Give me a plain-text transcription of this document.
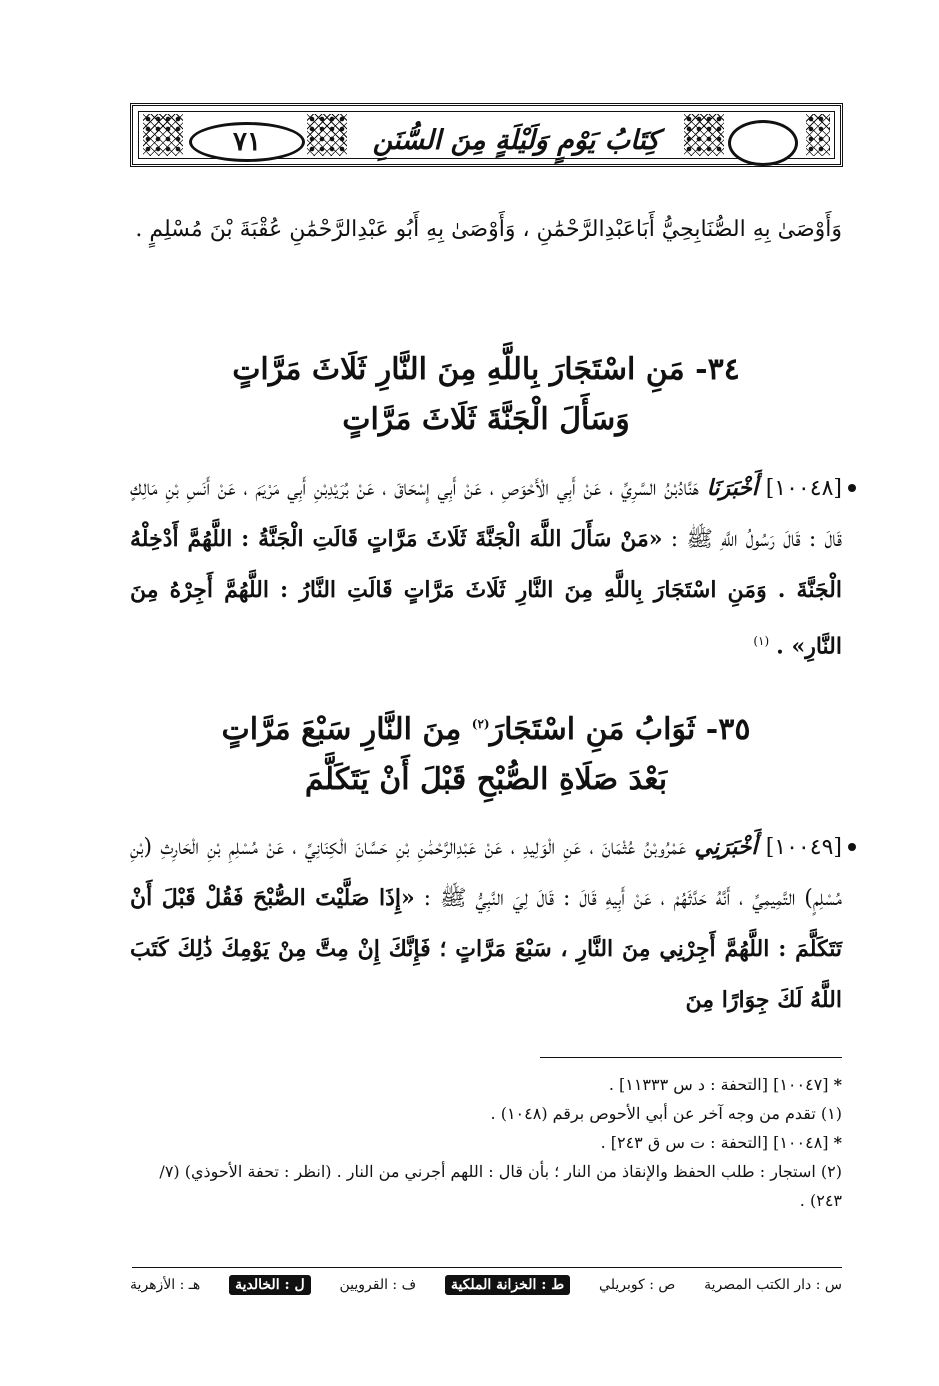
٧١	كِتَابُ يَوْمٍ وَلَيْلَةٍ مِنَ السُّنَنِ
وَأَوْصَىٰ بِهِ الصُّنَابِحِيُّ أَبَاعَبْدِالرَّحْمَٰنِ ، وَأَوْصَىٰ بِهِ أَبُو عَبْدِالرَّحْمَٰنِ عُقْبَةَ بْنَ مُسْلِمٍ .
٣٤- مَنِ اسْتَجَارَ بِاللَّهِ مِنَ النَّارِ ثَلَاثَ مَرَّاتٍ
وَسَأَلَ الْجَنَّةَ ثَلَاثَ مَرَّاتٍ
[١٠٠٤٨] أَخْبَرَنَا هَنَّادُبْنُ السَّرِيِّ ، عَنْ أَبِي الْأَحْوَصِ ، عَنْ أَبِي إِسْحَاقَ ، عَنْ بُرَيْدِبْنِ أَبِي مَرْيَمَ ، عَنْ أَنَسِ بْنِ مَالِكٍ قَالَ : قَالَ رَسُولُ اللَّهِ ﷺ : «مَنْ سَأَلَ اللَّهَ الْجَنَّةَ ثَلَاثَ مَرَّاتٍ قَالَتِ الْجَنَّةُ : اللَّهُمَّ أَدْخِلْهُ الْجَنَّةَ . وَمَنِ اسْتَجَارَ بِاللَّهِ مِنَ النَّارِ ثَلَاثَ مَرَّاتٍ قَالَتِ النَّارُ : اللَّهُمَّ أَجِرْهُ مِنَ النَّارِ» . $^{(١)}$
٣٥- ثَوَابُ مَنِ اسْتَجَارَ$^{(٢)}$ مِنَ النَّارِ سَبْعَ مَرَّاتٍ
بَعْدَ صَلَاةِ الصُّبْحِ قَبْلَ أَنْ يَتَكَلَّمَ
[١٠٠٤٩] أَخْبَرَنِي عَمْرُوبْنُ عُثْمَانَ ، عَنِ الْوَلِيدِ ، عَنْ عَبْدِالرَّحْمَٰنِ بْنِ حَسَّانَ الْكِنَانِيِّ ، عَنْ مُسْلِمِ بْنِ الْحَارِثِ (بْنِ مُسْلِمٍ) التَّمِيمِيِّ ، أَنَّهُ حَدَّثَهُمْ ، عَنْ أَبِيهِ قَالَ : قَالَ لِيَ النَّبِيُّ ﷺ : «إِذَا صَلَّيْتَ الصُّبْحَ فَقُلْ قَبْلَ أَنْ تَتَكَلَّمَ : اللَّهُمَّ أَجِرْنِي مِنَ النَّارِ ، سَبْعَ مَرَّاتٍ ؛ فَإِنَّكَ إِنْ مِتَّ مِنْ يَوْمِكَ ذَٰلِكَ كَتَبَ اللَّهُ لَكَ جِوَارًا مِنَ
* [١٠٠٤٧] [التحفة : د س ١١٣٣٣] .
(١) تقدم من وجه آخر عن أبي الأحوص برقم (١٠٤٨) .
* [١٠٠٤٨] [التحفة : ت س ق ٢٤٣] .
(٢) استجار : طلب الحفظ والإنقاذ من النار ؛ بأن قال : اللهم أجرني من النار . (انظر : تحفة الأحوذي) (٧/ ٢٤٣) .
س : دار الكتب المصرية
ص : كوبريلي
ط : الخزانة الملكية
ف : القرويين
ل : الخالدية
هـ : الأزهرية
